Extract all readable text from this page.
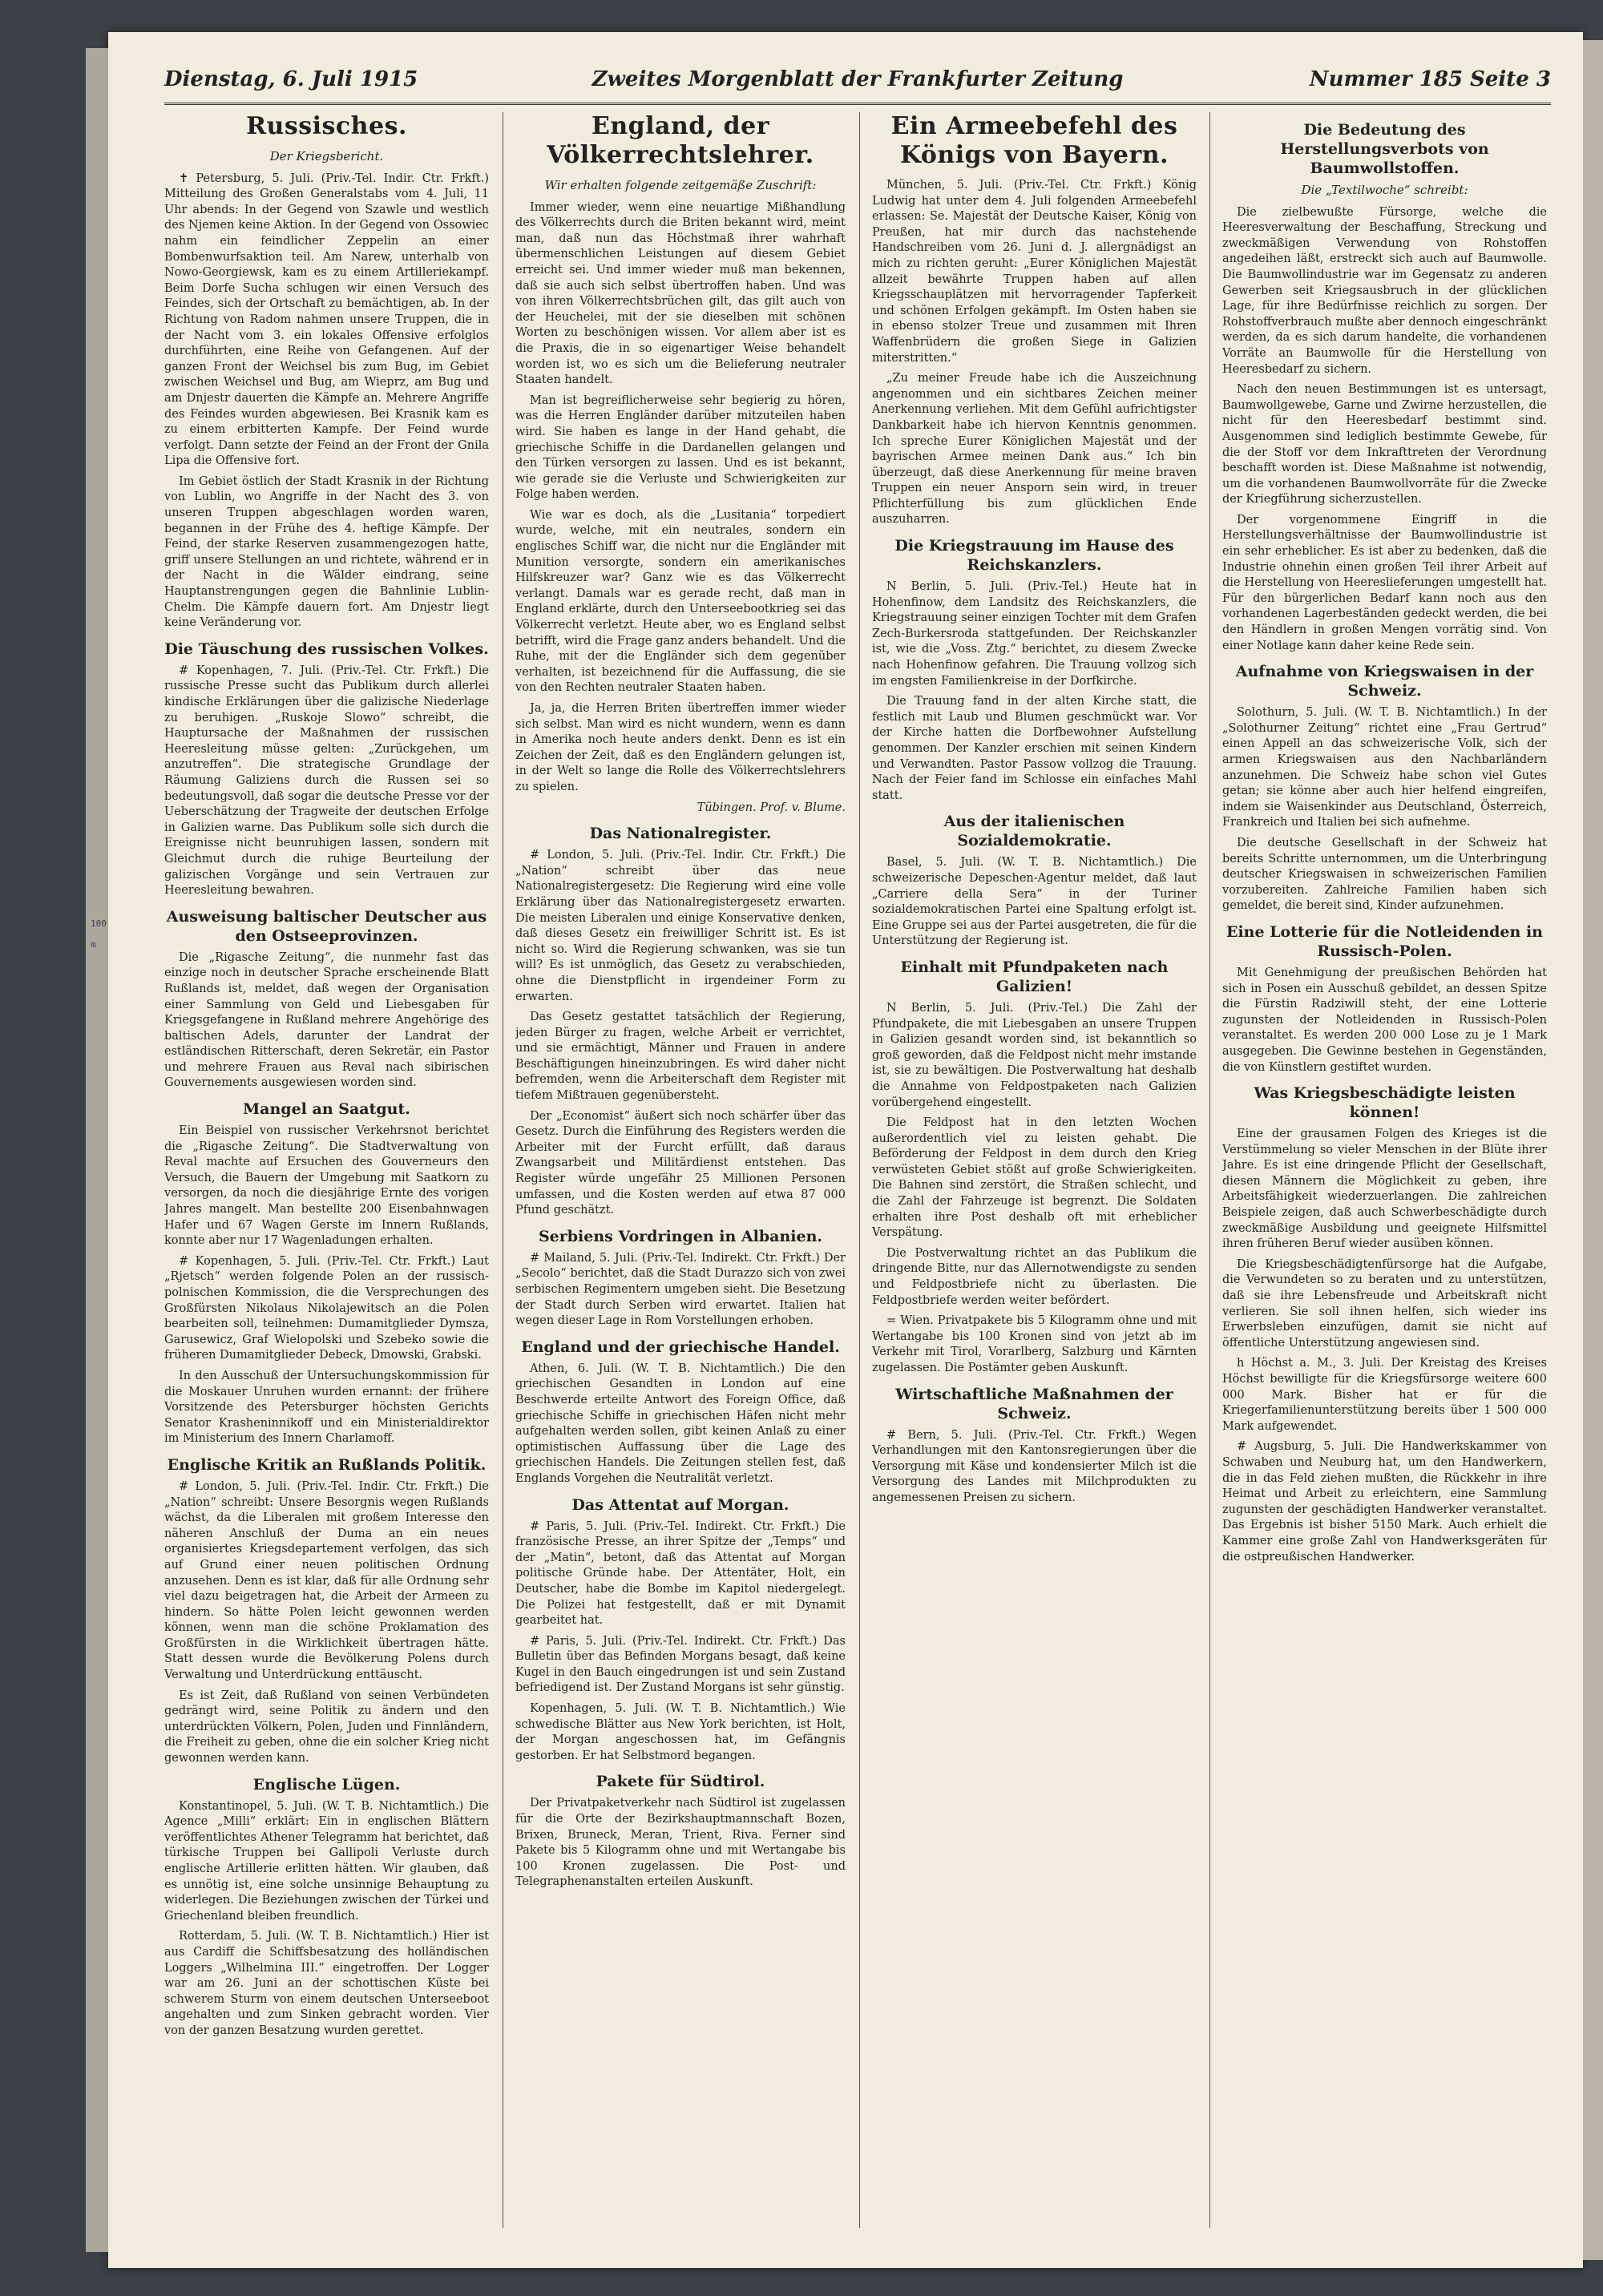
100 m
Dienstag, 6. Juli 1915	Zweites Morgenblatt der Frankfurter Zeitung	Nummer 185 Seite 3
Russisches.
Der Kriegsbericht.

✝ Petersburg, 5. Juli. (Priv.-Tel. Indir. Ctr. Frkft.) Mitteilung des Großen Generalstabs vom 4. Juli, 11 Uhr abends: In der Gegend von Szawle und westlich des Njemen keine Aktion. In der Gegend von Ossowiec nahm ein feindlicher Zeppelin an einer Bombenwurfsaktion teil. Am Narew, unterhalb von Nowo-Georgiewsk, kam es zu einem Artilleriekampf. Beim Dorfe Sucha schlugen wir einen Versuch des Feindes, sich der Ortschaft zu bemächtigen, ab. In der Richtung von Radom nahmen unsere Truppen, die in der Nacht vom 3. ein lokales Offensive erfolglos durchführten, eine Reihe von Gefangenen. Auf der ganzen Front der Weichsel bis zum Bug, im Gebiet zwischen Weichsel und Bug, am Wieprz, am Bug und am Dnjestr dauerten die Kämpfe an. Mehrere Angriffe des Feindes wurden abgewiesen. Bei Krasnik kam es zu einem erbitterten Kampfe. Der Feind wurde verfolgt. Dann setzte der Feind an der Front der Gnila Lipa die Offensive fort.

Im Gebiet östlich der Stadt Krasnik in der Richtung von Lublin, wo Angriffe in der Nacht des 3. von unseren Truppen abgeschlagen worden waren, begannen in der Frühe des 4. heftige Kämpfe. Der Feind, der starke Reserven zusammengezogen hatte, griff unsere Stellungen an und richtete, während er in der Nacht in die Wälder eindrang, seine Hauptanstrengungen gegen die Bahnlinie Lublin-Chelm. Die Kämpfe dauern fort. Am Dnjestr liegt keine Veränderung vor.

Die Täuschung des russischen Volkes.

# Kopenhagen, 7. Juli. (Priv.-Tel. Ctr. Frkft.) Die russische Presse sucht das Publikum durch allerlei kindische Erklärungen über die galizische Niederlage zu beruhigen. „Ruskoje Slowo“ schreibt, die Hauptursache der Maßnahmen der russischen Heeresleitung müsse gelten: „Zurückgehen, um anzutreffen“. Die strategische Grundlage der Räumung Galiziens durch die Russen sei so bedeutungsvoll, daß sogar die deutsche Presse vor der Ueberschätzung der Tragweite der deutschen Erfolge in Galizien warne. Das Publikum solle sich durch die Ereignisse nicht beunruhigen lassen, sondern mit Gleichmut durch die ruhige Beurteilung der galizischen Vorgänge und sein Vertrauen zur Heeresleitung bewahren.

Ausweisung baltischer Deutscher aus den Ostseeprovinzen.

Die „Rigasche Zeitung“, die nunmehr fast das einzige noch in deutscher Sprache erscheinende Blatt Rußlands ist, meldet, daß wegen der Organisation einer Sammlung von Geld und Liebesgaben für Kriegsgefangene in Rußland mehrere Angehörige des baltischen Adels, darunter der Landrat der estländischen Ritterschaft, deren Sekretär, ein Pastor und mehrere Frauen aus Reval nach sibirischen Gouvernements ausgewiesen worden sind.

Mangel an Saatgut.

Ein Beispiel von russischer Verkehrsnot berichtet die „Rigasche Zeitung“. Die Stadtverwaltung von Reval machte auf Ersuchen des Gouverneurs den Versuch, die Bauern der Umgebung mit Saatkorn zu versorgen, da noch die diesjährige Ernte des vorigen Jahres mangelt. Man bestellte 200 Eisenbahnwagen Hafer und 67 Wagen Gerste im Innern Rußlands, konnte aber nur 17 Wagenladungen erhalten.

# Kopenhagen, 5. Juli. (Priv.-Tel. Ctr. Frkft.) Laut „Rjetsch“ werden folgende Polen an der russisch-polnischen Kommission, die die Versprechungen des Großfürsten Nikolaus Nikolajewitsch an die Polen bearbeiten soll, teilnehmen: Dumamitglieder Dymsza, Garusewicz, Graf Wielopolski und Szebeko sowie die früheren Dumamitglieder Debeck, Dmowski, Grabski.

In den Ausschuß der Untersuchungskommission für die Moskauer Unruhen wurden ernannt: der frühere Vorsitzende des Petersburger höchsten Gerichts Senator Krasheninnikoff und ein Ministerialdirektor im Ministerium des Innern Charlamoff.

Englische Kritik an Rußlands Politik.

# London, 5. Juli. (Priv.-Tel. Indir. Ctr. Frkft.) Die „Nation“ schreibt: Unsere Besorgnis wegen Rußlands wächst, da die Liberalen mit großem Interesse den näheren Anschluß der Duma an ein neues organisiertes Kriegsdepartement verfolgen, das sich auf Grund einer neuen politischen Ordnung anzusehen. Denn es ist klar, daß für alle Ordnung sehr viel dazu beigetragen hat, die Arbeit der Armeen zu hindern. So hätte Polen leicht gewonnen werden können, wenn man die schöne Proklamation des Großfürsten in die Wirklichkeit übertragen hätte. Statt dessen wurde die Bevölkerung Polens durch Verwaltung und Unterdrückung enttäuscht.

Es ist Zeit, daß Rußland von seinen Verbündeten gedrängt wird, seine Politik zu ändern und den unterdrückten Völkern, Polen, Juden und Finnländern, die Freiheit zu geben, ohne die ein solcher Krieg nicht gewonnen werden kann.

Englische Lügen.

Konstantinopel, 5. Juli. (W. T. B. Nichtamtlich.) Die Agence „Milli“ erklärt: Ein in englischen Blättern veröffentlichtes Athener Telegramm hat berichtet, daß türkische Truppen bei Gallipoli Verluste durch englische Artillerie erlitten hätten. Wir glauben, daß es unnötig ist, eine solche unsinnige Behauptung zu widerlegen. Die Beziehungen zwischen der Türkei und Griechenland bleiben freundlich.

Rotterdam, 5. Juli. (W. T. B. Nichtamtlich.) Hier ist aus Cardiff die Schiffsbesatzung des holländischen Loggers „Wilhelmina III.“ eingetroffen. Der Logger war am 26. Juni an der schottischen Küste bei schwerem Sturm von einem deutschen Unterseeboot angehalten und zum Sinken gebracht worden. Vier von der ganzen Besatzung wurden gerettet.

England, der Völkerrechtslehrer.
Wir erhalten folgende zeitgemäße Zuschrift:

Immer wieder, wenn eine neuartige Mißhandlung des Völkerrechts durch die Briten bekannt wird, meint man, daß nun das Höchstmaß ihrer wahrhaft übermenschlichen Leistungen auf diesem Gebiet erreicht sei. Und immer wieder muß man bekennen, daß sie auch sich selbst übertroffen haben. Und was von ihren Völkerrechtsbrüchen gilt, das gilt auch von der Heuchelei, mit der sie dieselben mit schönen Worten zu beschönigen wissen. Vor allem aber ist es die Praxis, die in so eigenartiger Weise behandelt worden ist, wo es sich um die Belieferung neutraler Staaten handelt.

Man ist begreiflicherweise sehr begierig zu hören, was die Herren Engländer darüber mitzuteilen haben wird. Sie haben es lange in der Hand gehabt, die griechische Schiffe in die Dardanellen gelangen und den Türken versorgen zu lassen. Und es ist bekannt, wie gerade sie die Verluste und Schwierigkeiten zur Folge haben werden.

Wie war es doch, als die „Lusitania“ torpediert wurde, welche, mit ein neutrales, sondern ein englisches Schiff war, die nicht nur die Engländer mit Munition versorgte, sondern ein amerikanisches Hilfskreuzer war? Ganz wie es das Völkerrecht verlangt. Damals war es gerade recht, daß man in England erklärte, durch den Unterseebootkrieg sei das Völkerrecht verletzt. Heute aber, wo es England selbst betrifft, wird die Frage ganz anders behandelt. Und die Ruhe, mit der die Engländer sich dem gegenüber verhalten, ist bezeichnend für die Auffassung, die sie von den Rechten neutraler Staaten haben.

Ja, ja, die Herren Briten übertreffen immer wieder sich selbst. Man wird es nicht wundern, wenn es dann in Amerika noch heute anders denkt. Denn es ist ein Zeichen der Zeit, daß es den Engländern gelungen ist, in der Welt so lange die Rolle des Völkerrechtslehrers zu spielen.

Tübingen. Prof. v. Blume.
Das Nationalregister.

# London, 5. Juli. (Priv.-Tel. Indir. Ctr. Frkft.) Die „Nation“ schreibt über das neue Nationalregistergesetz: Die Regierung wird eine volle Erklärung über das Nationalregistergesetz erwarten. Die meisten Liberalen und einige Konservative denken, daß dieses Gesetz ein freiwilliger Schritt ist. Es ist nicht so. Wird die Regierung schwanken, was sie tun will? Es ist unmöglich, das Gesetz zu verabschieden, ohne die Dienstpflicht in irgendeiner Form zu erwarten.

Das Gesetz gestattet tatsächlich der Regierung, jeden Bürger zu fragen, welche Arbeit er verrichtet, und sie ermächtigt, Männer und Frauen in andere Beschäftigungen hineinzubringen. Es wird daher nicht befremden, wenn die Arbeiterschaft dem Register mit tiefem Mißtrauen gegenübersteht.

Der „Economist“ äußert sich noch schärfer über das Gesetz. Durch die Einführung des Registers werden die Arbeiter mit der Furcht erfüllt, daß daraus Zwangsarbeit und Militärdienst entstehen. Das Register würde ungefähr 25 Millionen Personen umfassen, und die Kosten werden auf etwa 87 000 Pfund geschätzt.

Serbiens Vordringen in Albanien.

# Mailand, 5. Juli. (Priv.-Tel. Indirekt. Ctr. Frkft.) Der „Secolo“ berichtet, daß die Stadt Durazzo sich von zwei serbischen Regimentern umgeben sieht. Die Besetzung der Stadt durch Serben wird erwartet. Italien hat wegen dieser Lage in Rom Vorstellungen erhoben.

England und der griechische Handel.

Athen, 6. Juli. (W. T. B. Nichtamtlich.) Die den griechischen Gesandten in London auf eine Beschwerde erteilte Antwort des Foreign Office, daß griechische Schiffe in griechischen Häfen nicht mehr aufgehalten werden sollen, gibt keinen Anlaß zu einer optimistischen Auffassung über die Lage des griechischen Handels. Die Zeitungen stellen fest, daß Englands Vorgehen die Neutralität verletzt.

Das Attentat auf Morgan.

# Paris, 5. Juli. (Priv.-Tel. Indirekt. Ctr. Frkft.) Die französische Presse, an ihrer Spitze der „Temps“ und der „Matin“, betont, daß das Attentat auf Morgan politische Gründe habe. Der Attentäter, Holt, ein Deutscher, habe die Bombe im Kapitol niedergelegt. Die Polizei hat festgestellt, daß er mit Dynamit gearbeitet hat.

# Paris, 5. Juli. (Priv.-Tel. Indirekt. Ctr. Frkft.) Das Bulletin über das Befinden Morgans besagt, daß keine Kugel in den Bauch eingedrungen ist und sein Zustand befriedigend ist. Der Zustand Morgans ist sehr günstig.

Kopenhagen, 5. Juli. (W. T. B. Nichtamtlich.) Wie schwedische Blätter aus New York berichten, ist Holt, der Morgan angeschossen hat, im Gefängnis gestorben. Er hat Selbstmord begangen.

Pakete für Südtirol.

Der Privatpaketverkehr nach Südtirol ist zugelassen für die Orte der Bezirkshauptmannschaft Bozen, Brixen, Bruneck, Meran, Trient, Riva. Ferner sind Pakete bis 5 Kilogramm ohne und mit Wertangabe bis 100 Kronen zugelassen. Die Post- und Telegraphenanstalten erteilen Auskunft.

Ein Armeebefehl des Königs von Bayern.

München, 5. Juli. (Priv.-Tel. Ctr. Frkft.) König Ludwig hat unter dem 4. Juli folgenden Armeebefehl erlassen: Se. Majestät der Deutsche Kaiser, König von Preußen, hat mir durch das nachstehende Handschreiben vom 26. Juni d. J. allergnädigst an mich zu richten geruht: „Eurer Königlichen Majestät allzeit bewährte Truppen haben auf allen Kriegsschauplätzen mit hervorragender Tapferkeit und schönen Erfolgen gekämpft. Im Osten haben sie in ebenso stolzer Treue und zusammen mit Ihren Waffenbrüdern die großen Siege in Galizien miterstritten.“

„Zu meiner Freude habe ich die Auszeichnung angenommen und ein sichtbares Zeichen meiner Anerkennung verliehen. Mit dem Gefühl aufrichtigster Dankbarkeit habe ich hiervon Kenntnis genommen. Ich spreche Eurer Königlichen Majestät und der bayrischen Armee meinen Dank aus.“ Ich bin überzeugt, daß diese Anerkennung für meine braven Truppen ein neuer Ansporn sein wird, in treuer Pflichterfüllung bis zum glücklichen Ende auszuharren.

Die Kriegstrauung im Hause des Reichskanzlers.

N Berlin, 5. Juli. (Priv.-Tel.) Heute hat in Hohenfinow, dem Landsitz des Reichskanzlers, die Kriegstrauung seiner einzigen Tochter mit dem Grafen Zech-Burkersroda stattgefunden. Der Reichskanzler ist, wie die „Voss. Ztg.“ berichtet, zu diesem Zwecke nach Hohenfinow gefahren. Die Trauung vollzog sich im engsten Familienkreise in der Dorfkirche.

Die Trauung fand in der alten Kirche statt, die festlich mit Laub und Blumen geschmückt war. Vor der Kirche hatten die Dorfbewohner Aufstellung genommen. Der Kanzler erschien mit seinen Kindern und Verwandten. Pastor Passow vollzog die Trauung. Nach der Feier fand im Schlosse ein einfaches Mahl statt.

Aus der italienischen Sozialdemokratie.

Basel, 5. Juli. (W. T. B. Nichtamtlich.) Die schweizerische Depeschen-Agentur meldet, daß laut „Carriere della Sera“ in der Turiner sozialdemokratischen Partei eine Spaltung erfolgt ist. Eine Gruppe sei aus der Partei ausgetreten, die für die Unterstützung der Regierung ist.

Einhalt mit Pfundpaketen nach Galizien!

N Berlin, 5. Juli. (Priv.-Tel.) Die Zahl der Pfundpakete, die mit Liebesgaben an unsere Truppen in Galizien gesandt worden sind, ist bekanntlich so groß geworden, daß die Feldpost nicht mehr imstande ist, sie zu bewältigen. Die Postverwaltung hat deshalb die Annahme von Feldpostpaketen nach Galizien vorübergehend eingestellt.

Die Feldpost hat in den letzten Wochen außerordentlich viel zu leisten gehabt. Die Beförderung der Feldpost in dem durch den Krieg verwüsteten Gebiet stößt auf große Schwierigkeiten. Die Bahnen sind zerstört, die Straßen schlecht, und die Zahl der Fahrzeuge ist begrenzt. Die Soldaten erhalten ihre Post deshalb oft mit erheblicher Verspätung.

Die Postverwaltung richtet an das Publikum die dringende Bitte, nur das Allernotwendigste zu senden und Feldpostbriefe nicht zu überlasten. Die Feldpostbriefe werden weiter befördert.

= Wien. Privatpakete bis 5 Kilogramm ohne und mit Wertangabe bis 100 Kronen sind von jetzt ab im Verkehr mit Tirol, Vorarlberg, Salzburg und Kärnten zugelassen. Die Postämter geben Auskunft.

Wirtschaftliche Maßnahmen der Schweiz.

# Bern, 5. Juli. (Priv.-Tel. Ctr. Frkft.) Wegen Verhandlungen mit den Kantonsregierungen über die Versorgung mit Käse und kondensierter Milch ist die Versorgung des Landes mit Milchprodukten zu angemessenen Preisen zu sichern.

Die Bedeutung des Herstellungsverbots von Baumwollstoffen.
Die „Textilwoche“ schreibt:

Die zielbewußte Fürsorge, welche die Heeresverwaltung der Beschaffung, Streckung und zweckmäßigen Verwendung von Rohstoffen angedeihen läßt, erstreckt sich auch auf Baumwolle. Die Baumwollindustrie war im Gegensatz zu anderen Gewerben seit Kriegsausbruch in der glücklichen Lage, für ihre Bedürfnisse reichlich zu sorgen. Der Rohstoffverbrauch mußte aber dennoch eingeschränkt werden, da es sich darum handelte, die vorhandenen Vorräte an Baumwolle für die Herstellung von Heeresbedarf zu sichern.

Nach den neuen Bestimmungen ist es untersagt, Baumwollgewebe, Garne und Zwirne herzustellen, die nicht für den Heeresbedarf bestimmt sind. Ausgenommen sind lediglich bestimmte Gewebe, für die der Stoff vor dem Inkrafttreten der Verordnung beschafft worden ist. Diese Maßnahme ist notwendig, um die vorhandenen Baumwollvorräte für die Zwecke der Kriegführung sicherzustellen.

Der vorgenommene Eingriff in die Herstellungsverhältnisse der Baumwollindustrie ist ein sehr erheblicher. Es ist aber zu bedenken, daß die Industrie ohnehin einen großen Teil ihrer Arbeit auf die Herstellung von Heereslieferungen umgestellt hat. Für den bürgerlichen Bedarf kann noch aus den vorhandenen Lagerbeständen gedeckt werden, die bei den Händlern in großen Mengen vorrätig sind. Von einer Notlage kann daher keine Rede sein.

Aufnahme von Kriegswaisen in der Schweiz.

Solothurn, 5. Juli. (W. T. B. Nichtamtlich.) In der „Solothurner Zeitung“ richtet eine „Frau Gertrud“ einen Appell an das schweizerische Volk, sich der armen Kriegswaisen aus den Nachbarländern anzunehmen. Die Schweiz habe schon viel Gutes getan; sie könne aber auch hier helfend eingreifen, indem sie Waisenkinder aus Deutschland, Österreich, Frankreich und Italien bei sich aufnehme.

Die deutsche Gesellschaft in der Schweiz hat bereits Schritte unternommen, um die Unterbringung deutscher Kriegswaisen in schweizerischen Familien vorzubereiten. Zahlreiche Familien haben sich gemeldet, die bereit sind, Kinder aufzunehmen.

Eine Lotterie für die Notleidenden in Russisch-Polen.

Mit Genehmigung der preußischen Behörden hat sich in Posen ein Ausschuß gebildet, an dessen Spitze die Fürstin Radziwill steht, der eine Lotterie zugunsten der Notleidenden in Russisch-Polen veranstaltet. Es werden 200 000 Lose zu je 1 Mark ausgegeben. Die Gewinne bestehen in Gegenständen, die von Künstlern gestiftet wurden.

Was Kriegsbeschädigte leisten können!

Eine der grausamen Folgen des Krieges ist die Verstümmelung so vieler Menschen in der Blüte ihrer Jahre. Es ist eine dringende Pflicht der Gesellschaft, diesen Männern die Möglichkeit zu geben, ihre Arbeitsfähigkeit wiederzuerlangen. Die zahlreichen Beispiele zeigen, daß auch Schwerbeschädigte durch zweckmäßige Ausbildung und geeignete Hilfsmittel ihren früheren Beruf wieder ausüben können.

Die Kriegsbeschädigtenfürsorge hat die Aufgabe, die Verwundeten so zu beraten und zu unterstützen, daß sie ihre Lebensfreude und Arbeitskraft nicht verlieren. Sie soll ihnen helfen, sich wieder ins Erwerbsleben einzufügen, damit sie nicht auf öffentliche Unterstützung angewiesen sind.

h Höchst a. M., 3. Juli. Der Kreistag des Kreises Höchst bewilligte für die Kriegsfürsorge weitere 600 000 Mark. Bisher hat er für die Kriegerfamilienunterstützung bereits über 1 500 000 Mark aufgewendet.

# Augsburg, 5. Juli. Die Handwerkskammer von Schwaben und Neuburg hat, um den Handwerkern, die in das Feld ziehen mußten, die Rückkehr in ihre Heimat und Arbeit zu erleichtern, eine Sammlung zugunsten der geschädigten Handwerker veranstaltet. Das Ergebnis ist bisher 5150 Mark. Auch erhielt die Kammer eine große Zahl von Handwerksgeräten für die ostpreußischen Handwerker.
